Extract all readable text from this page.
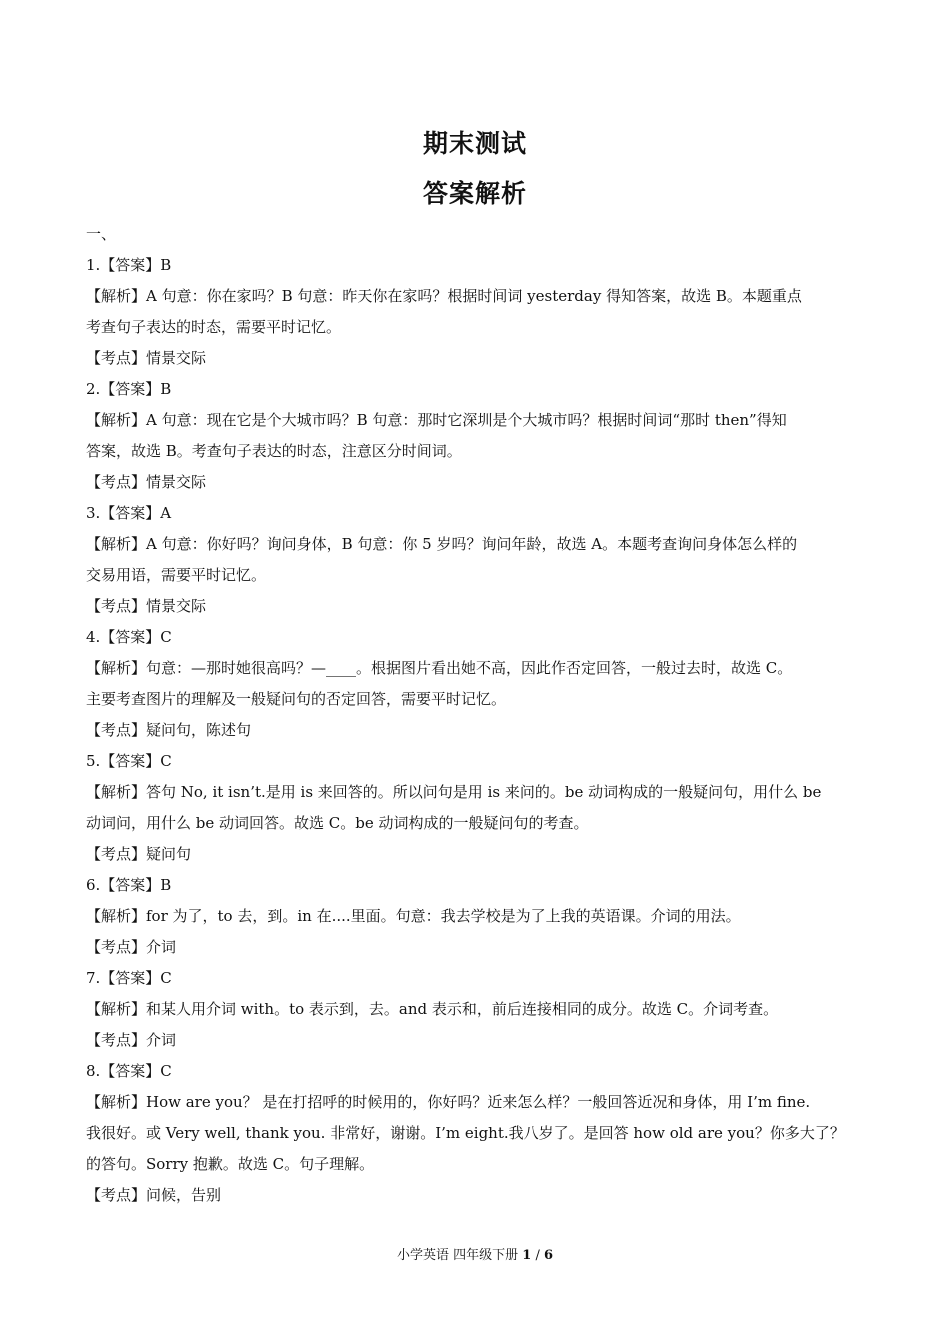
期末测试
答案解析
一、
1.【答案】B
【解析】A 句意：你在家吗？B 句意：昨天你在家吗？根据时间词 yesterday 得知答案，故选 B。本题重点
考查句子表达的时态，需要平时记忆。
【考点】情景交际
2.【答案】B
【解析】A 句意：现在它是个大城市吗？B 句意：那时它深圳是个大城市吗？根据时间词“那时 then”得知
答案，故选 B。考查句子表达的时态，注意区分时间词。
【考点】情景交际
3.【答案】A
【解析】A 句意：你好吗？询问身体，B 句意：你 5 岁吗？询问年龄，故选 A。本题考查询问身体怎么样的
交易用语，需要平时记忆。
【考点】情景交际
4.【答案】C
【解析】句意：—那时她很高吗？—____。根据图片看出她不高，因此作否定回答，一般过去时，故选 C。
主要考查图片的理解及一般疑问句的否定回答，需要平时记忆。
【考点】疑问句，陈述句
5.【答案】C
【解析】答句 No, it isn’t.是用 is 来回答的。所以问句是用 is 来问的。be 动词构成的一般疑问句，用什么 be
动词问，用什么 be 动词回答。故选 C。be 动词构成的一般疑问句的考查。
【考点】疑问句
6.【答案】B
【解析】for 为了，to 去，到。in 在....里面。句意：我去学校是为了上我的英语课。介词的用法。
【考点】介词
7.【答案】C
【解析】和某人用介词 with。to 表示到，去。and 表示和，前后连接相同的成分。故选 C。介词考查。
【考点】介词
8.【答案】C
【解析】How are you？ 是在打招呼的时候用的，你好吗？近来怎么样？一般回答近况和身体，用 I’m fine.
我很好。或 Very well, thank you. 非常好，谢谢。I’m eight.我八岁了。是回答 how old are you？你多大了？
的答句。Sorry 抱歉。故选 C。句子理解。
【考点】问候，告别
小学英语 四年级下册 1 / 6
